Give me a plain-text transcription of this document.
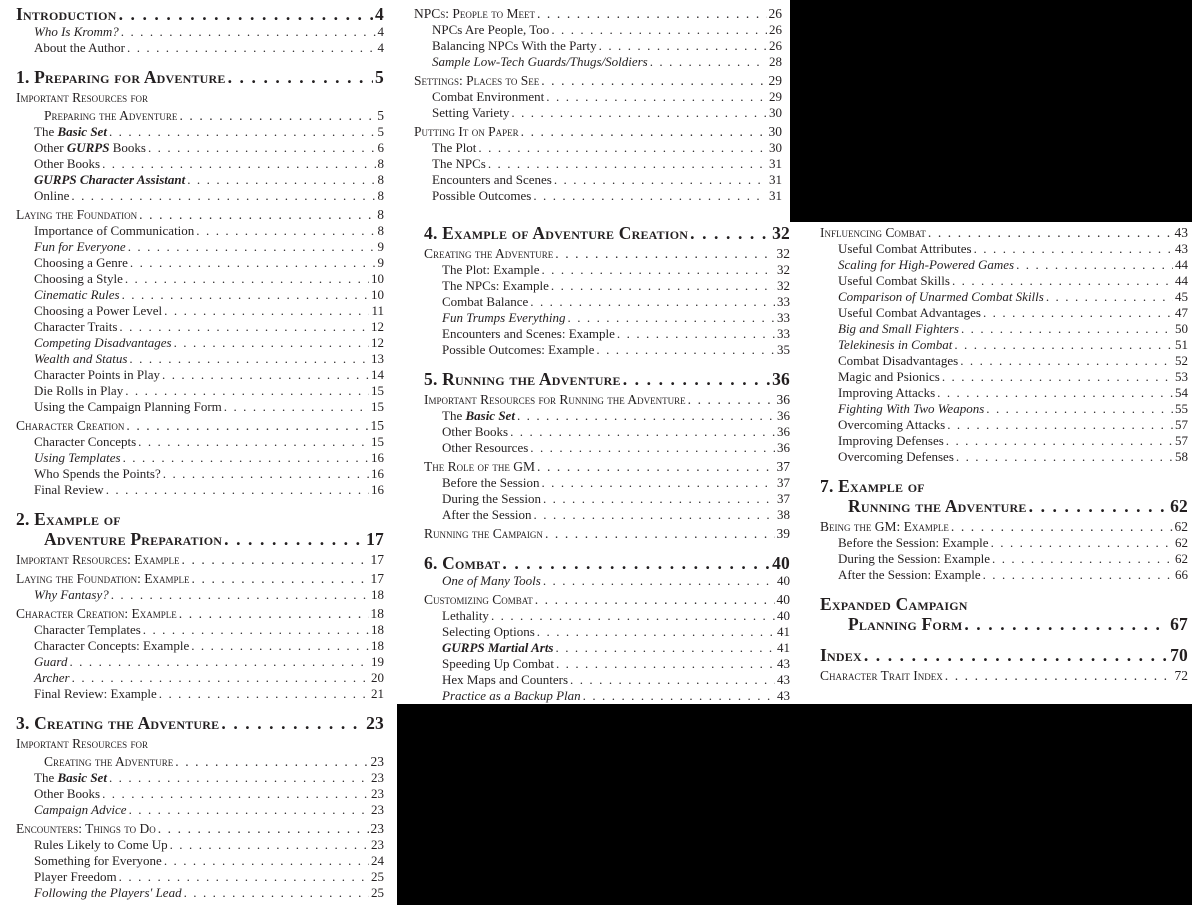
Introduction . . .	4
Who Is Kromm? . . .	4
About the Author . . .	4
1. Preparing for Adventure . . .	5
Important Resources for
Preparing the Adventure . . .	5
The Basic Set . . .	5
Other GURPS Books . . .	6
Other Books . . .	8
GURPS Character Assistant . . .	8
Online . . .	8
Laying the Foundation . . .	8
Importance of Communication . . .	8
Fun for Everyone . . .	9
Choosing a Genre . . .	9
Choosing a Style . . .	10
Cinematic Rules . . .	10
Choosing a Power Level . . .	11
Character Traits . . .	12
Competing Disadvantages . . .	12
Wealth and Status . . .	13
Character Points in Play . . .	14
Die Rolls in Play . . .	15
Using the Campaign Planning Form . . .	15
Character Creation . . .	15
Character Concepts . . .	15
Using Templates . . .	16
Who Spends the Points? . . .	16
Final Review . . .	16
2. Example of
Adventure Preparation . . .	17
Important Resources: Example . . .	17
Laying the Foundation: Example . . .	17
Why Fantasy? . . .	18
Character Creation: Example . . .	18
Character Templates . . .	18
Character Concepts: Example . . .	18
Guard . . .	19
Archer . . .	20
Final Review: Example . . .	21
3. Creating the Adventure . . .	23
Important Resources for
Creating the Adventure . . .	23
The Basic Set . . .	23
Other Books . . .	23
Campaign Advice . . .	23
Encounters: Things to Do . . .	23
Rules Likely to Come Up . . .	23
Something for Everyone . . .	24
Player Freedom . . .	25
Following the Players' Lead . . .	25
NPCs: People to Meet . . .	26
NPCs Are People, Too . . .	26
Balancing NPCs With the Party . . .	26
Sample Low-Tech Guards/Thugs/Soldiers . . .	28
Settings: Places to See . . .	29
Combat Environment . . .	29
Setting Variety . . .	30
Putting It on Paper . . .	30
The Plot . . .	30
The NPCs . . .	31
Encounters and Scenes . . .	31
Possible Outcomes . . .	31
4. Example of Adventure Creation . . .	32
Creating the Adventure . . .	32
The Plot: Example . . .	32
The NPCs: Example . . .	32
Combat Balance . . .	33
Fun Trumps Everything . . .	33
Encounters and Scenes: Example . . .	33
Possible Outcomes: Example . . .	35
5. Running the Adventure . . .	36
Important Resources for Running the Adventure . . .	36
The Basic Set . . .	36
Other Books . . .	36
Other Resources . . .	36
The Role of the GM . . .	37
Before the Session . . .	37
During the Session . . .	37
After the Session . . .	38
Running the Campaign . . .	39
6. Combat . . .	40
One of Many Tools . . .	40
Customizing Combat . . .	40
Lethality . . .	40
Selecting Options . . .	41
GURPS Martial Arts . . .	41
Speeding Up Combat . . .	43
Hex Maps and Counters . . .	43
Practice as a Backup Plan . . .	43
Influencing Combat . . .	43
Useful Combat Attributes . . .	43
Scaling for High-Powered Games . . .	44
Useful Combat Skills . . .	44
Comparison of Unarmed Combat Skills . . .	45
Useful Combat Advantages . . .	47
Big and Small Fighters . . .	50
Telekinesis in Combat . . .	51
Combat Disadvantages . . .	52
Magic and Psionics . . .	53
Improving Attacks . . .	54
Fighting With Two Weapons . . .	55
Overcoming Attacks . . .	57
Improving Defenses . . .	57
Overcoming Defenses . . .	58
7. Example of
Running the Adventure . . .	62
Being the GM: Example . . .	62
Before the Session: Example . . .	62
During the Session: Example . . .	62
After the Session: Example . . .	66
Expanded Campaign
Planning Form . . .	67
Index . . .	70
Character Trait Index . . .	72
